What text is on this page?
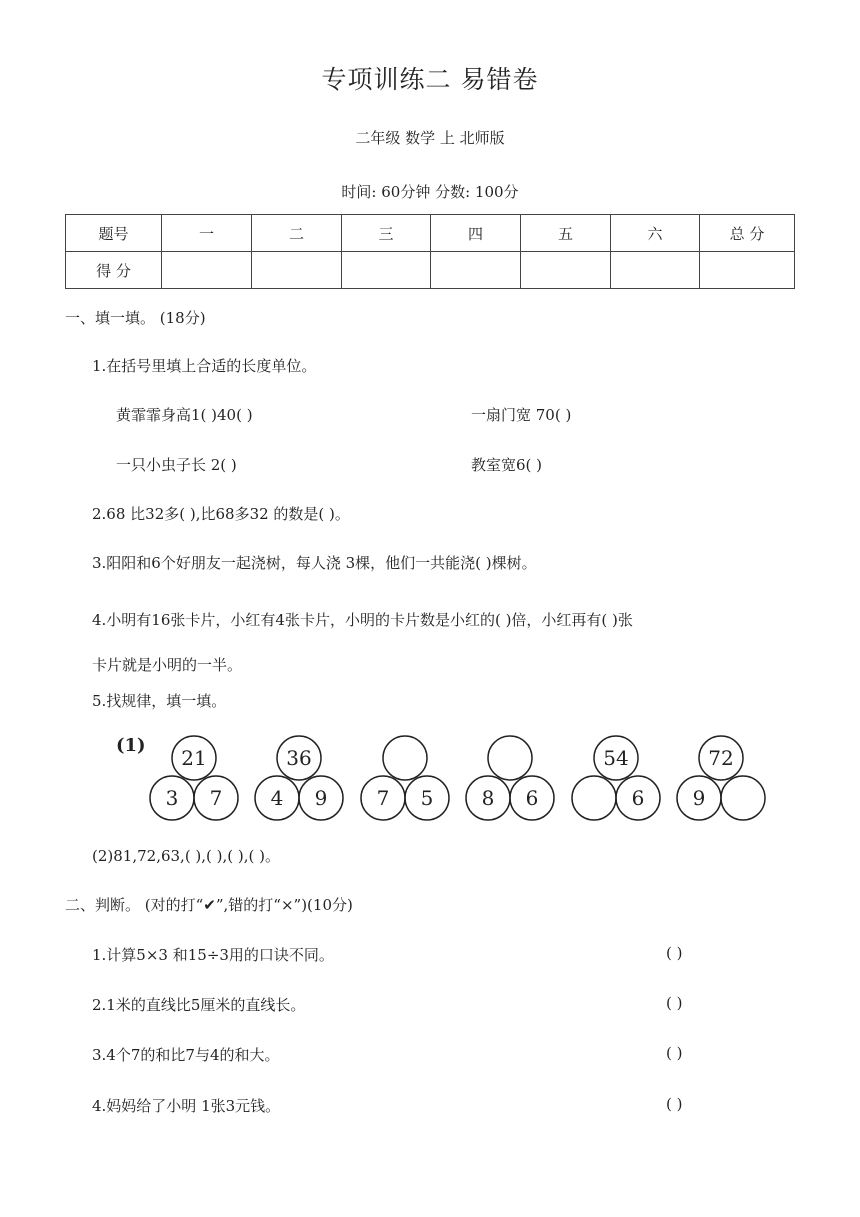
专项训练二 易错卷
二年级 数学 上 北师版
时间: 60分钟 分数: 100分
题号	一	二	三	四	五	六	总 分
得 分							
一、填一填。 (18分)
1.在括号里填上合适的长度单位。
黄霏霏身高1( )40( )	一扇门宽 70( )
一只小虫子长 2( )	教室宽6( )
2.68 比32多( ),比68多32 的数是( )。
3.阳阳和6个好朋友一起浇树，每人浇 3棵，他们一共能浇( )棵树。
4.小明有16张卡片，小红有4张卡片，小明的卡片数是小红的( )倍，小红再有( )张
卡片就是小明的一半。
5.找规律，填一填。
(1)
21
3 7
36
4 9 7 5 8 6
54
6
72
9
(2)81,72,63,( ),( ),( ),( )。
二、判断。 (对的打“✔”,错的打“×”)(10分)
1.计算5×3 和15÷3用的口诀不同。	( )
2.1米的直线比5厘米的直线长。	( )
3.4个7的和比7与4的和大。	( )
4.妈妈给了小明 1张3元钱。	( )
